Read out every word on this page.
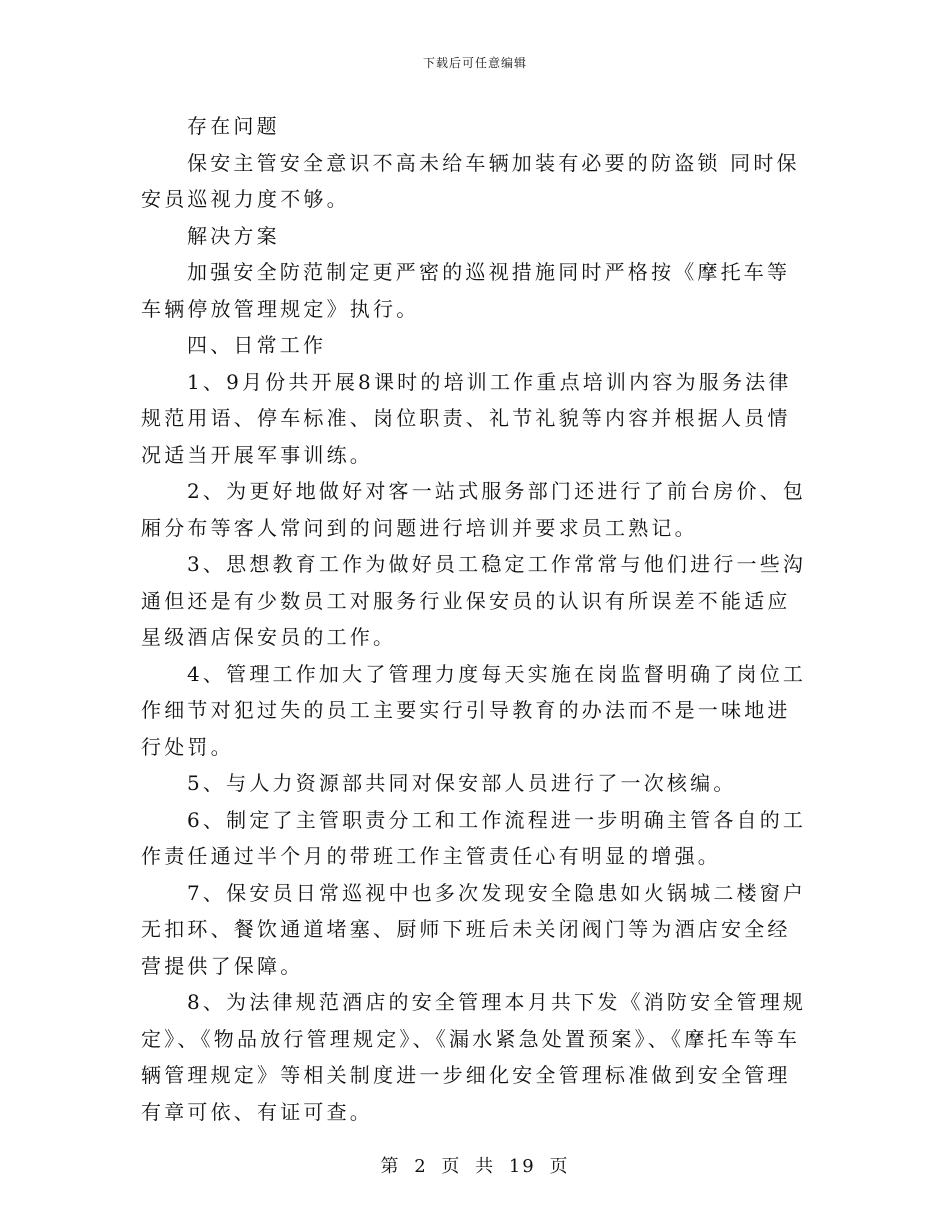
下载后可任意编辑

存在问题

保安主管安全意识不高未给车辆加装有必要的防盗锁 同时保安员巡视力度不够。

解决方案

加强安全防范制定更严密的巡视措施同时严格按《摩托车等车辆停放管理规定》执行。

四、日常工作

1、9月份共开展8课时的培训工作重点培训内容为服务法律规范用语、停车标准、岗位职责、礼节礼貌等内容并根据人员情况适当开展军事训练。

2、为更好地做好对客一站式服务部门还进行了前台房价、包厢分布等客人常问到的问题进行培训并要求员工熟记。

3、思想教育工作为做好员工稳定工作常常与他们进行一些沟通但还是有少数员工对服务行业保安员的认识有所误差不能适应星级酒店保安员的工作。

4、管理工作加大了管理力度每天实施在岗监督明确了岗位工作细节对犯过失的员工主要实行引导教育的办法而不是一味地进行处罚。

5、与人力资源部共同对保安部人员进行了一次核编。

6、制定了主管职责分工和工作流程进一步明确主管各自的工作责任通过半个月的带班工作主管责任心有明显的增强。

7、保安员日常巡视中也多次发现安全隐患如火锅城二楼窗户无扣环、餐饮通道堵塞、厨师下班后未关闭阀门等为酒店安全经营提供了保障。

8、为法律规范酒店的安全管理本月共下发《消防安全管理规定》、《物品放行管理规定》、《漏水紧急处置预案》、《摩托车等车辆管理规定》等相关制度进一步细化安全管理标准做到安全管理有章可依、有证可查。

第 2 页 共 19 页
